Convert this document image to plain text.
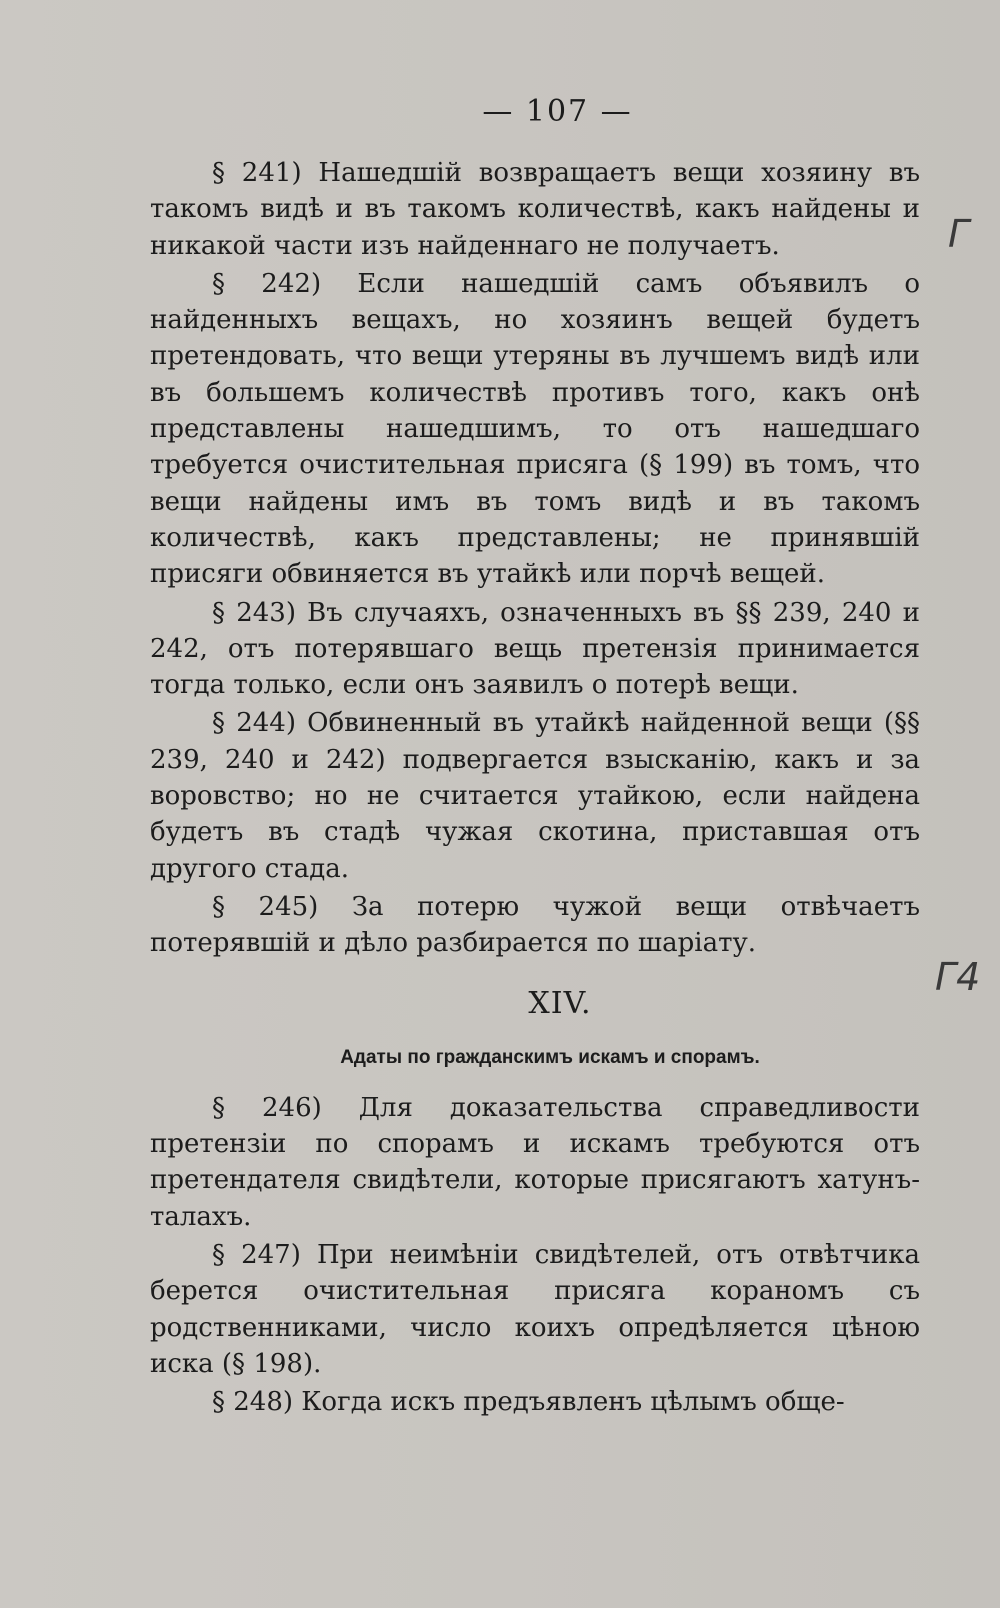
— 107 —

§ 241) Нашедшій возвращаетъ вещи хозяину въ такомъ видѣ и въ такомъ количествѣ, какъ найдены и никакой части изъ найденнаго не получаетъ.

§ 242) Если нашедшій самъ объявилъ о найденныхъ вещахъ, но хозяинъ вещей будетъ претендовать, что вещи утеряны въ лучшемъ видѣ или въ большемъ количествѣ противъ того, какъ онѣ представлены нашедшимъ, то отъ нашедшаго требуется очистительная присяга (§ 199) въ томъ, что вещи найдены имъ въ томъ видѣ и въ такомъ количествѣ, какъ представлены; не принявшій присяги обвиняется въ утайкѣ или порчѣ вещей.

§ 243) Въ случаяхъ, означенныхъ въ §§ 239, 240 и 242, отъ потерявшаго вещь претензія принимается тогда только, если онъ заявилъ о потерѣ вещи.

§ 244) Обвиненный въ утайкѣ найденной вещи (§§ 239, 240 и 242) подвергается взысканію, какъ и за воровство; но не считается утайкою, если найдена будетъ въ стадѣ чужая скотина, приставшая отъ другого стада.

§ 245) За потерю чужой вещи отвѣчаетъ потерявшій и дѣло разбирается по шаріату.

XIV.
Адаты по гражданскимъ искамъ и спорамъ.

§ 246) Для доказательства справедливости претензіи по спорамъ и искамъ требуются отъ претендателя свидѣтели, которые присягаютъ хатунъ-талахъ.

§ 247) При неимѣніи свидѣтелей, отъ отвѣтчика берется очистительная присяга кораномъ съ родственниками, число коихъ опредѣляется цѣною иска (§ 198).

§ 248) Когда искъ предъявленъ цѣлымъ обще-

Γ
Γ4
